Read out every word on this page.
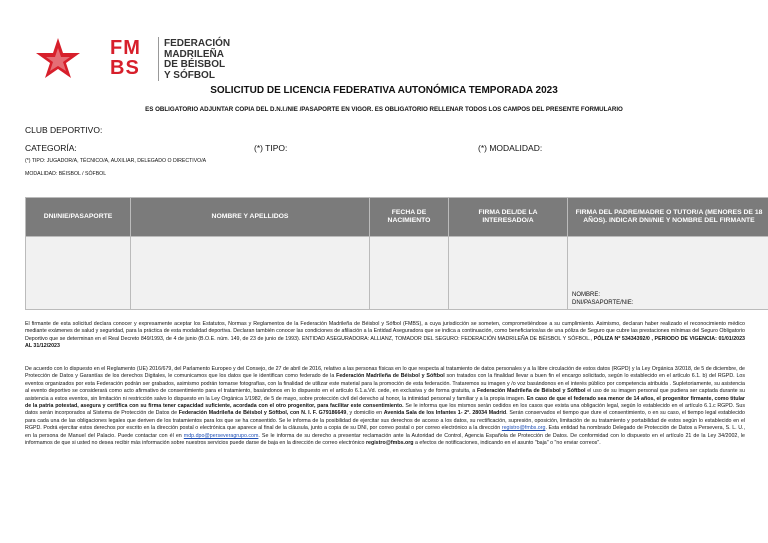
FM
BS
FEDERACIÓN
MADRILEÑA
DE BÉISBOL
Y SÓFBOL
SOLICITUD DE LICENCIA FEDERATIVA AUTONÓMICA TEMPORADA 2023
ES OBLIGATORIO ADJUNTAR COPIA DEL D.N.I./NIE /PASAPORTE EN VIGOR. ES OBLIGATORIO RELLENAR TODOS LOS CAMPOS DEL PRESENTE FORMULARIO
CLUB DEPORTIVO:
CATEGORÍA:	(*) TIPO:	(*) MODALIDAD:
(*) TIPO: JUGADOR/A, TÉCNICO/A, AUXILIAR, DELEGADO O DIRECTIVO/A
MODALIDAD: BÉISBOL / SÓFBOL
DNI/NIE/PASAPORTE	NOMBRE Y APELLIDOS	FECHA DE NACIMIENTO	FIRMA DEL/DE LA INTERESADO/A	FIRMA DEL PADRE/MADRE O TUTOR/A (MENORES DE 18 AÑOS). INDICAR DNI/NIE Y NOMBRE DEL FIRMANTE

				NOMBRE:
DNI/PASAPORTE/NIE:
El firmante de esta solicitud declara conocer y expresamente aceptar los Estatutos, Normas y Reglamentos de la Federación Madrileña de Béisbol y Sófbol (FMBS), a cuya jurisdicción se someten, comprometiéndose a su cumplimiento. Asimismo, declaran haber realizado el reconocimiento médico mediante exámenes de salud y seguridad, para la práctica de esta modalidad deportiva. Declaran también conocer las condiciones de afiliación a la Entidad Aseguradora que se indica a continuación, como beneficiarios/as de una póliza de Seguro que cubre las prestaciones mínimas del Seguro Obligatorio Deportivo que se determinan en el Real Decreto 849/1993, de 4 de junio (B.O.E. núm. 149, de 23 de junio de 1993). ENTIDAD ASEGURADORA: ALLIANZ, TOMADOR DEL SEGURO: FEDERACIÓN MADRILEÑA DE BÉISBOL Y SÓFBOL., PÓLIZA Nº 53434392/0 , PERIODO DE VIGENCIA: 01/01/2023 AL 31/12/2023
De acuerdo con lo dispuesto en el Reglamento (UE) 2016/679, del Parlamento Europeo y del Consejo, de 27 de abril de 2016, relativo a las personas físicas en lo que respecta al tratamiento de datos personales y a la libre circulación de estos datos (RGPD) y la Ley Orgánica 3/2018, de 5 de diciembre, de Protección de Datos y Garantías de los derechos Digitales, le comunicamos que los datos que le identifican como federado de la Federación Madrileña de Béisbol y Sóftbol son tratados con la finalidad llevar a buen fin el encargo solicitado, según lo establecido en el artículo 6.1. b) del RGPD. Los eventos organizados por esta Federación podrán ser grabados, asimismo podrán tomarse fotografías, con la finalidad de utilizar este material para la promoción de esta federación. Trataremos su imagen y /o voz basándonos en el interés público por competencia atribuida . Supletoriamente, su asistencia al evento deportivo se considerará como acto afirmativo de consentimiento para el tratamiento, basándonos en lo dispuesto en el artículo 6.1.a.Vd. cede, en exclusiva y de forma gratuita, a Federación Madrileña de Béisbol y Sóftbol el uso de su imagen personal que pudiera ser captada durante su asistencia a estos eventos, sin limitación ni restricción salvo lo dispuesto en la Ley Orgánica 1/1982, de 5 de mayo, sobre protección civil del derecho al honor, la intimidad personal y familiar y a la propia imagen. En caso de que el federado sea menor de 14 años, el progenitor firmante, como titular de la patria potestad, asegura y certifica con su firma tener capacidad suficiente, acordada con el otro progenitor, para facilitar este consentimiento. Se le informa que los mismos serán cedidos en los casos que exista una obligación legal, según lo establecido en el artículo 6.1.c RGPD. Sus datos serán incorporados al Sistema de Protección de Datos de Federación Madrileña de Béisbol y Sóftbol, con N. I. F. G79186649, y domicilio en Avenida Sala de los Infantes 1- 2ª. 28034 Madrid. Serán conservados el tiempo que dure el consentimiento, o en su caso, el tiempo legal establecido para cada una de las obligaciones legales que deriven de los tratamientos para los que se ha consentido. Se le informa de la posibilidad de ejercitar sus derechos de acceso a los datos, su rectificación, supresión, oposición, limitación de su tratamiento y portabilidad de estos según lo establecido en el RGPD. Podrá ejercitar estos derechos por escrito en la dirección postal o electrónica que aparece al final de la cláusula, junto a copia de su DNI, por correo postal o por correo electrónico a la dirección registro@fmbs.org. Esta entidad ha nombrado Delegado de Protección de Datos a Persevera, S. L. U., en la persona de Manuel del Palacio. Puede contactar con él en mdp.dpo@perseveragrupo.com. Se le informa de su derecho a presentar reclamación ante la Autoridad de Control, Agencia Española de Protección de Datos. De conformidad con lo dispuesto en el artículo 21 de la Ley 34/2002, le informamos de que si usted no desea recibir más información sobre nuestros servicios puede darse de baja en la dirección de correo electrónico registro@fmbs.org a efectos de notificaciones, indicando en el asunto "baja" o "no enviar correos".
